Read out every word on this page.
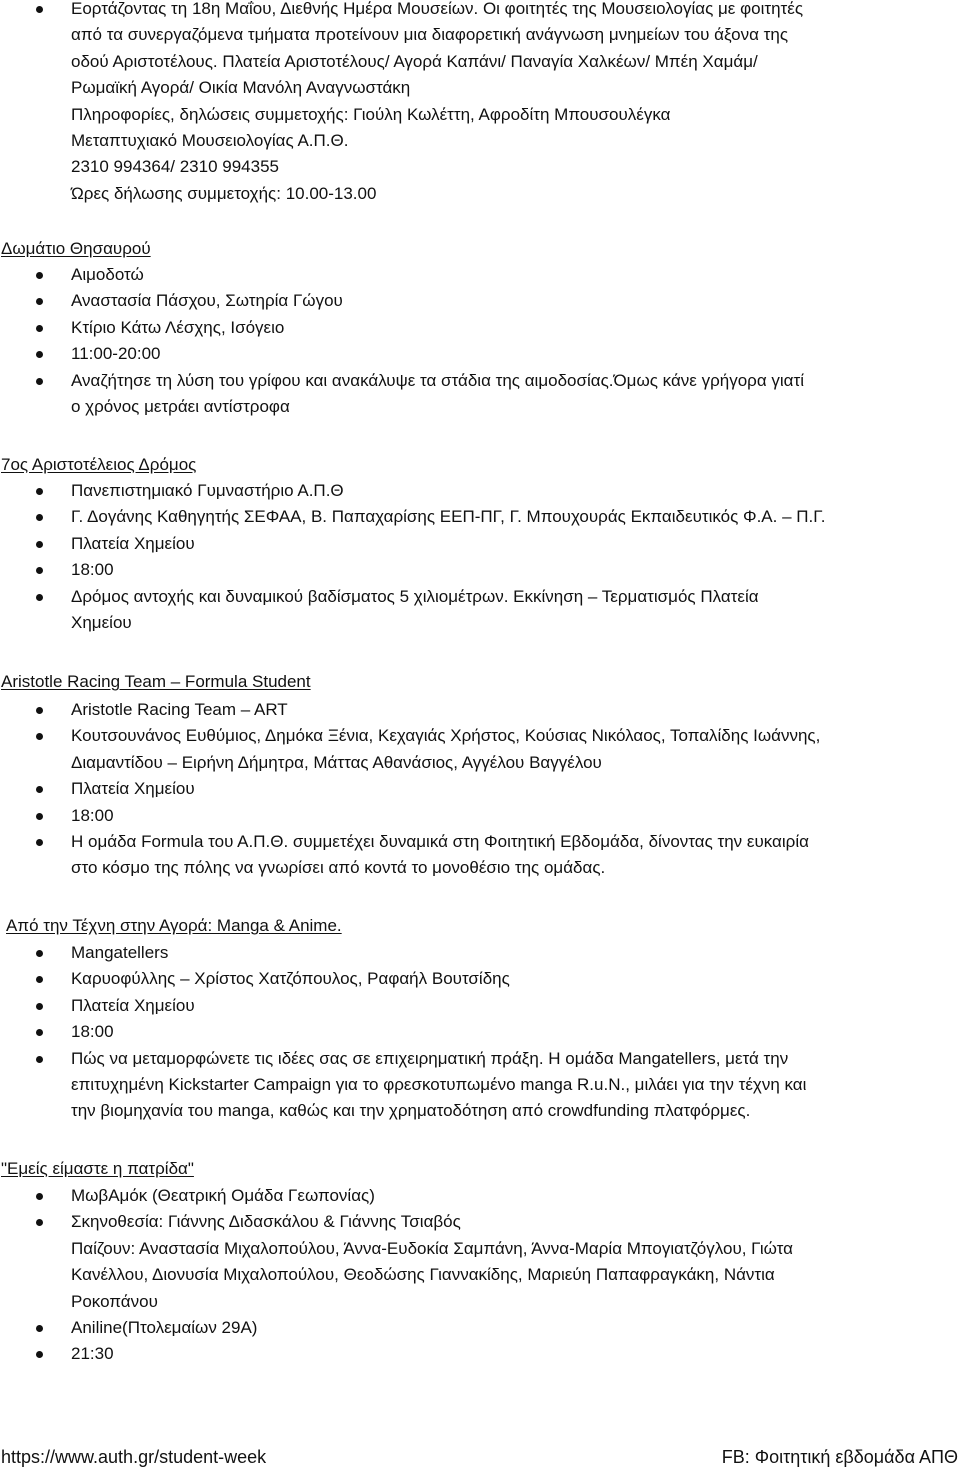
Εορτάζοντας τη 18η Μαΐου, Διεθνής Ημέρα Μουσείων. Οι φοιτητές της Μουσειολογίας με φοιτητές
από τα συνεργαζόμενα τμήματα προτείνουν μια διαφορετική ανάγνωση μνημείων του άξονα της
οδού Αριστοτέλους. Πλατεία Αριστοτέλους/ Αγορά Καπάνι/ Παναγία Χαλκέων/ Μπέη Χαμάμ/
Ρωμαϊκή Αγορά/ Οικία Μανόλη Αναγνωστάκη
Πληροφορίες, δηλώσεις συμμετοχής: Γιούλη Κωλέττη, Αφροδίτη Μπουσουλέγκα
Μεταπτυχιακό Μουσειολογίας Α.Π.Θ.
2310 994364/ 2310 994355
Ώρες δήλωσης συμμετοχής: 10.00-13.00
Δωμάτιο Θησαυρού
Αιμοδοτώ
Αναστασία Πάσχου, Σωτηρία Γώγου
Κτίριο Κάτω Λέσχης, Ισόγειο
11:00-20:00
Αναζήτησε τη λύση του γρίφου και ανακάλυψε τα στάδια της αιμοδοσίας.Όμως κάνε γρήγορα γιατί
ο χρόνος μετράει αντίστροφα
7ος Αριστοτέλειος Δρόμος
Πανεπιστημιακό Γυμναστήριο Α.Π.Θ
Γ. Δογάνης Καθηγητής ΣΕΦΑΑ, Β. Παπαχαρίσης ΕΕΠ-ΠΓ, Γ. Μπουχουράς Εκπαιδευτικός Φ.Α. – Π.Γ.
Πλατεία Χημείου
18:00
Δρόμος αντοχής και δυναμικού βαδίσματος 5 χιλιομέτρων. Εκκίνηση – Τερματισμός Πλατεία
Χημείου
Aristotle Racing Team – Formula Student
Aristotle Racing Team – ART
Κουτσουνάνος Ευθύμιος, Δημόκα Ξένια, Κεχαγιάς Χρήστος, Κούσιας Νικόλαος, Τοπαλίδης Ιωάννης,
Διαμαντίδου – Ειρήνη Δήμητρα, Μάττας Αθανάσιος, Αγγέλου Βαγγέλου
Πλατεία Χημείου
18:00
Η ομάδα Formula του Α.Π.Θ. συμμετέχει δυναμικά στη Φοιτητική Εβδομάδα, δίνοντας την ευκαιρία
στο κόσμο της πόλης να γνωρίσει από κοντά το μονοθέσιο της ομάδας.
Από την Τέχνη στην Αγορά: Manga & Anime.
Mangatellers
Καρυοφύλλης – Χρίστος Χατζόπουλος, Ραφαήλ Βουτσίδης
Πλατεία Χημείου
18:00
Πώς να μεταμορφώνετε τις ιδέες σας σε επιχειρηματική πράξη. Η ομάδα Mangatellers, μετά την
επιτυχημένη Kickstarter Campaign για το φρεσκοτυπωμένο manga R.u.N., μιλάει για την τέχνη και
την βιομηχανία του manga, καθώς και την χρηματοδότηση από crowdfunding πλατφόρμες.
"Εμείς είμαστε η πατρίδα"
ΜωβΑμόκ (Θεατρική Ομάδα Γεωπονίας)
Σκηνοθεσία: Γιάννης Διδασκάλου & Γιάννης Τσιαβός
Παίζουν: Αναστασία Μιχαλοπούλου, Άννα-Ευδοκία Σαμπάνη, Άννα-Μαρία Μπογιατζόγλου, Γιώτα
Κανέλλου, Διονυσία Μιχαλοπούλου, Θεοδώσης Γιαννακίδης, Μαριεύη Παπαφραγκάκη, Νάντια
Ροκοπάνου
Aniline(Πτολεμαίων 29Α)
21:30
https://www.auth.gr/student-week	FB: Φοιτητική εβδομάδα ΑΠΘ
